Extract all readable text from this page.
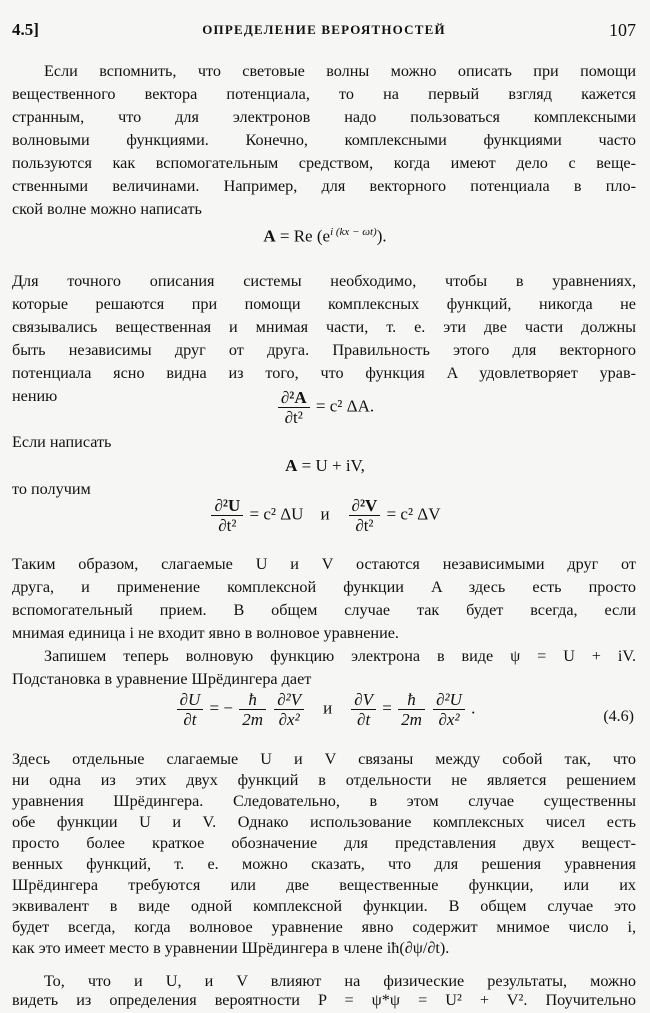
4.5]	ОПРЕДЕЛЕНИЕ ВЕРОЯТНОСТЕЙ	107
Если вспомнить, что световые волны можно описать при помощи
вещественного вектора потенциала, то на первый взгляд кажется
странным, что для электронов надо пользоваться комплексными
волновыми функциями. Конечно, комплексными функциями часто
пользуются как вспомогательным средством, когда имеют дело с веще-
ственными величинами. Например, для векторного потенциала в пло-
ской волне можно написать
A = Re $(e^{i (kx - \omega t)})$.
Для точного описания системы необходимо, чтобы в уравнениях,
которые решаются при помощи комплексных функций, никогда не
связывались вещественная и мнимая части, т. е. эти две части должны
быть независимы друг от друга. Правильность этого для векторного
потенциала ясно видна из того, что функция A удовлетворяет урав-
нению	$\frac{\text{∂²A}}{\text{∂t²}} = c^2$ ΔA.
Если написать
A = U + iV,
то получим
$\frac{\text{∂²U}}{\text{∂t²}} = c^2$ ΔU и $\frac{\text{∂²V}}{\text{∂t²}} = c^2$ ΔV
Таким образом, слагаемые U и V остаются независимыми друг от
друга, и применение комплексной функции A здесь есть просто
вспомогательный прием. В общем случае так будет всегда, если
мнимая единица i не входит явно в волновое уравнение.
Запишем теперь волновую функцию электрона в виде ψ = U + iV.
Подстановка в уравнение Шрёдингера дает
$\frac{\partial U}{\partial t}$ = − $\frac{ħ}{2m}$
$\frac{\text{∂²V}}{\text{∂x²}}$ и $\frac{\partial V}{\partial t} = \frac{ħ}{2m}$
$\frac{\text{∂²U}}{\text{∂x²}}$ .	(4.6)
Здесь отдельные слагаемые U и V связаны между собой так, что
ни одна из этих двух функций в отдельности не является решением
уравнения Шрёдингера. Следовательно, в этом случае существенны
обе функции U и V. Однако использование комплексных чисел есть
просто более краткое обозначение для представления двух вещест-
венных функций, т. е. можно сказать, что для решения уравнения
Шрёдингера требуются или две вещественные функции, или их
эквивалент в виде одной комплексной функции. В общем случае это
будет всегда, когда волновое уравнение явно содержит мнимое число i,
как это имеет место в уравнении Шрёдингера в члене iħ(∂ψ/∂t).
То, что и U, и V влияют на физические результаты, можно
видеть из определения вероятности P = ψ*ψ = U² + V². Поучительно
